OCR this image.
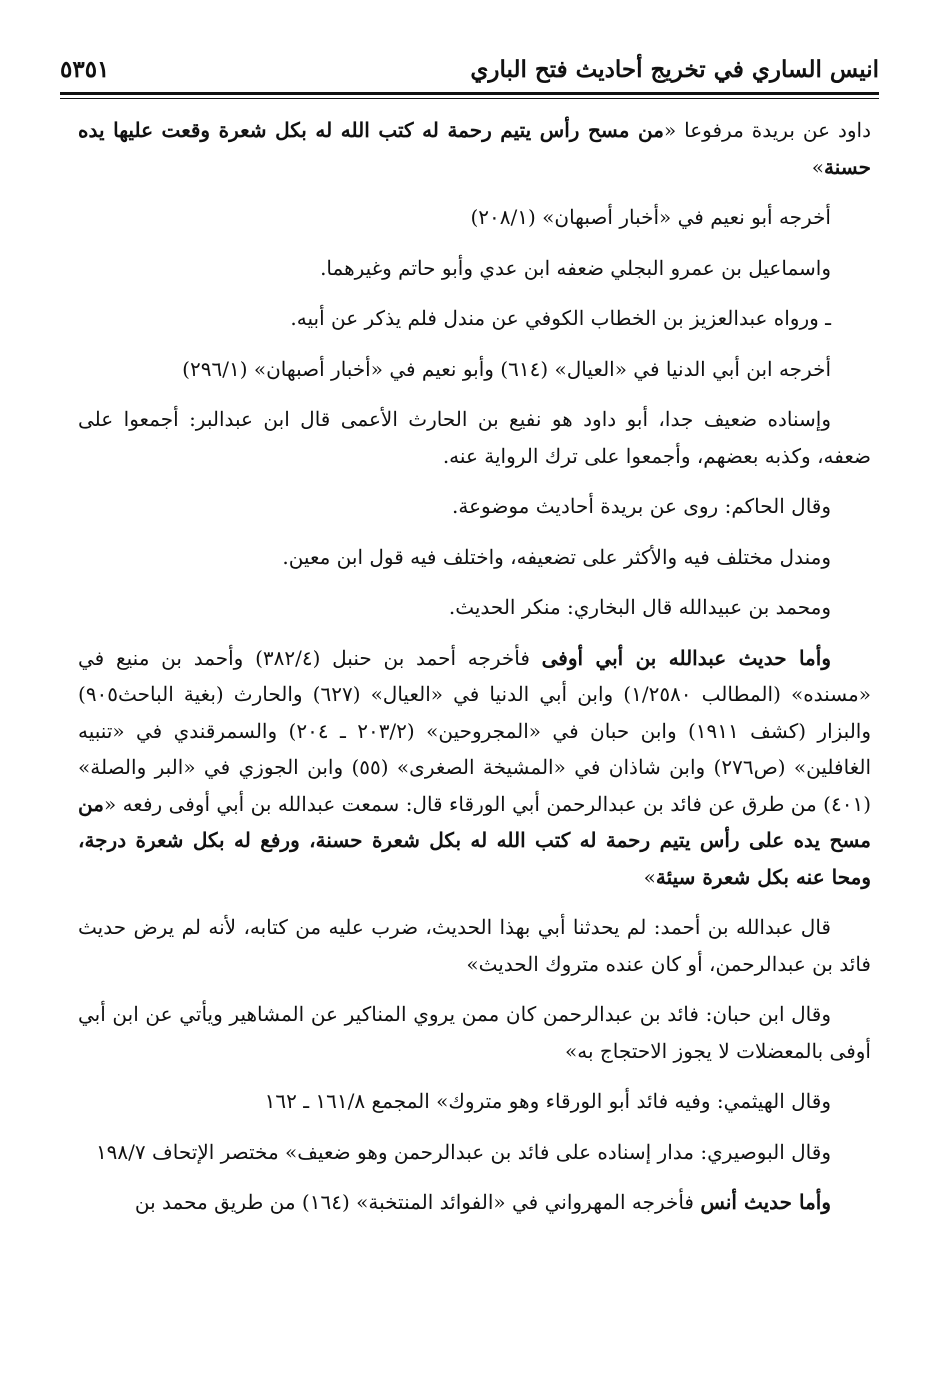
انيس الساري في تخريج أحاديث فتح الباري
٥٣٥١

داود عن بريدة مرفوعا «من مسح رأس يتيم رحمة له كتب الله له بكل شعرة وقعت عليها يده حسنة»

أخرجه أبو نعيم في «أخبار أصبهان» (٢٠٨/١)

واسماعيل بن عمرو البجلي ضعفه ابن عدي وأبو حاتم وغيرهما.

ـ ورواه عبدالعزيز بن الخطاب الكوفي عن مندل فلم يذكر عن أبيه.

أخرجه ابن أبي الدنيا في «العيال» (٦١٤) وأبو نعيم في «أخبار أصبهان» (٢٩٦/١)

وإسناده ضعيف جدا، أبو داود هو نفيع بن الحارث الأعمى قال ابن عبدالبر: أجمعوا على ضعفه، وكذبه بعضهم، وأجمعوا على ترك الرواية عنه.

وقال الحاكم: روى عن بريدة أحاديث موضوعة.

ومندل مختلف فيه والأكثر على تضعيفه، واختلف فيه قول ابن معين.

ومحمد بن عبيدالله قال البخاري: منكر الحديث.

وأما حديث عبدالله بن أبي أوفى فأخرجه أحمد بن حنبل (٣٨٢/٤) وأحمد بن منيع في «مسنده» (المطالب ١/٢٥٨٠) وابن أبي الدنيا في «العيال» (٦٢٧) والحارث (بغية الباحث٩٠٥) والبزار (كشف ١٩١١) وابن حبان في «المجروحين» (٢٠٣/٢ ـ ٢٠٤) والسمرقندي في «تنبيه الغافلين» (ص٢٧٦) وابن شاذان في «المشيخة الصغرى» (٥٥) وابن الجوزي في «البر والصلة» (٤٠١) من طرق عن فائد بن عبدالرحمن أبي الورقاء قال: سمعت عبدالله بن أبي أوفى رفعه «من مسح يده على رأس يتيم رحمة له كتب الله له بكل شعرة حسنة، ورفع له بكل شعرة درجة، ومحا عنه بكل شعرة سيئة»

قال عبدالله بن أحمد: لم يحدثنا أبي بهذا الحديث، ضرب عليه من كتابه، لأنه لم يرض حديث فائد بن عبدالرحمن، أو كان عنده متروك الحديث»

وقال ابن حبان: فائد بن عبدالرحمن كان ممن يروي المناكير عن المشاهير ويأتي عن ابن أبي أوفى بالمعضلات لا يجوز الاحتجاج به»

وقال الهيثمي: وفيه فائد أبو الورقاء وهو متروك» المجمع ١٦١/٨ ـ ١٦٢

وقال البوصيري: مدار إسناده على فائد بن عبدالرحمن وهو ضعيف» مختصر الإتحاف ١٩٨/٧

وأما حديث أنس فأخرجه المهرواني في «الفوائد المنتخبة» (١٦٤) من طريق محمد بن
